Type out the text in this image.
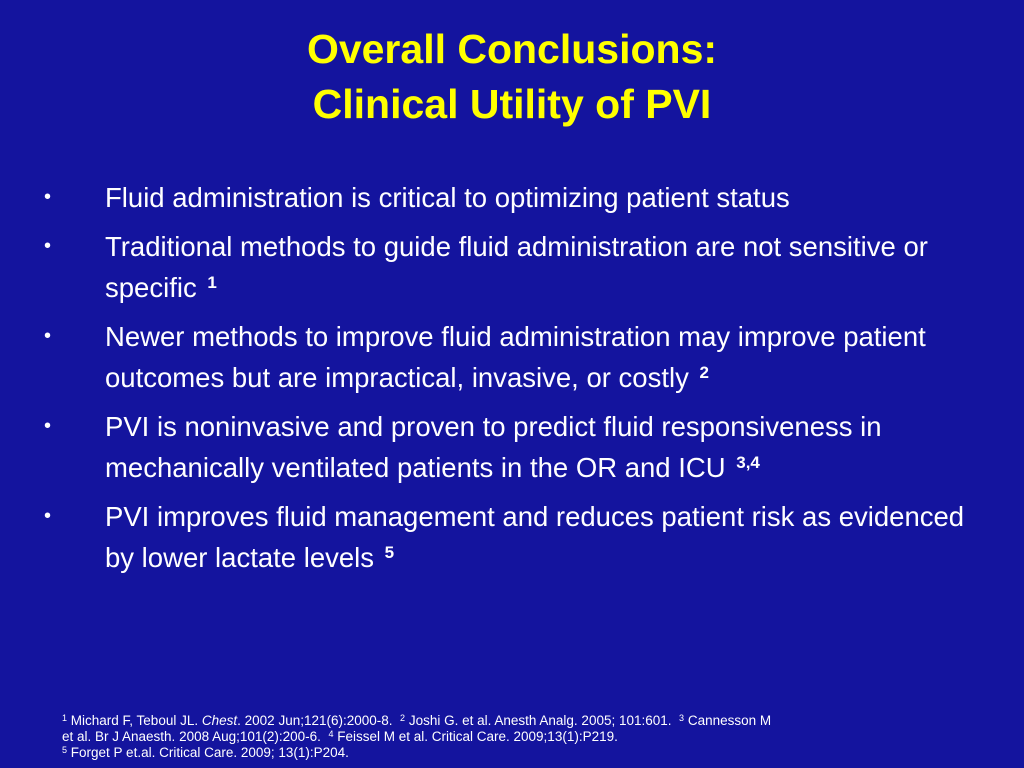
Overall Conclusions:
Clinical Utility of PVI
• Fluid administration is critical to optimizing patient status
• Traditional methods to guide fluid administration are not sensitive or specific $^1$
• Newer methods to improve fluid administration may improve patient outcomes but are impractical, invasive, or costly $^2$
• PVI is noninvasive and proven to predict fluid responsiveness in mechanically ventilated patients in the OR and ICU $^{3,4}$
• PVI improves fluid management and reduces patient risk as evidenced by lower lactate levels $^5$
$^1$ Michard F, Teboul JL. Chest. 2002 Jun;121(6):2000-8. $^2$ Joshi G. et al. Anesth Analg. 2005; 101:601. $^3$ Cannesson M
et al. Br J Anaesth. 2008 Aug;101(2):200-6. $^4$ Feissel M et al. Critical Care. 2009;13(1):P219.
$^5$ Forget P et.al. Critical Care. 2009; 13(1):P204.
